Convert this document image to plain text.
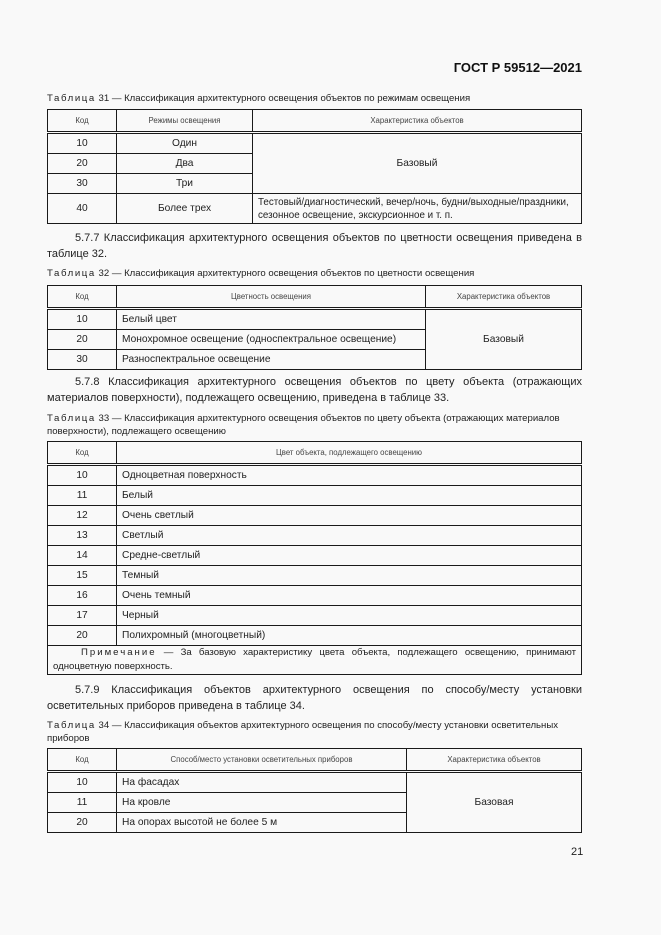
ГОСТ Р 59512—2021
Таблица 31 — Классификация архитектурного освещения объектов по режимам освещения
Код	Режимы освещения	Характеристика объектов
10	Один	Базовый
20	Два	
30	Три	
40	Более трех	Тестовый/диагностический, вечер/ночь, будни/выходные/праздники, сезонное освещение, экскурсионное и т. п.
5.7.7 Классификация архитектурного освещения объектов по цветности освещения приведена в таблице 32.
Таблица 32 — Классификация архитектурного освещения объектов по цветности освещения
Код	Цветность освещения	Характеристика объектов
10	Белый цвет	Базовый
20	Монохромное освещение (односпектральное освещение)	
30	Разноспектральное освещение	
5.7.8 Классификация архитектурного освещения объектов по цвету объекта (отражающих материалов поверхности), подлежащего освещению, приведена в таблице 33.
Таблица 33 — Классификация архитектурного освещения объектов по цвету объекта (отражающих материалов поверхности), подлежащего освещению
Код	Цвет объекта, подлежащего освещению
10	Одноцветная поверхность
11	Белый
12	Очень светлый
13	Светлый
14	Средне-светлый
15	Темный
16	Очень темный
17	Черный
20	Полихромный (многоцветный)
Примечание — За базовую характеристику цвета объекта, подлежащего освещению, принимают одноцветную поверхность.	
5.7.9 Классификация объектов архитектурного освещения по способу/месту установки осветительных приборов приведена в таблице 34.
Таблица 34 — Классификация объектов архитектурного освещения по способу/месту установки осветительных приборов
Код	Способ/место установки осветительных приборов	Характеристика объектов
10	На фасадах	Базовая
11	На кровле	
20	На опорах высотой не более 5 м	
21
